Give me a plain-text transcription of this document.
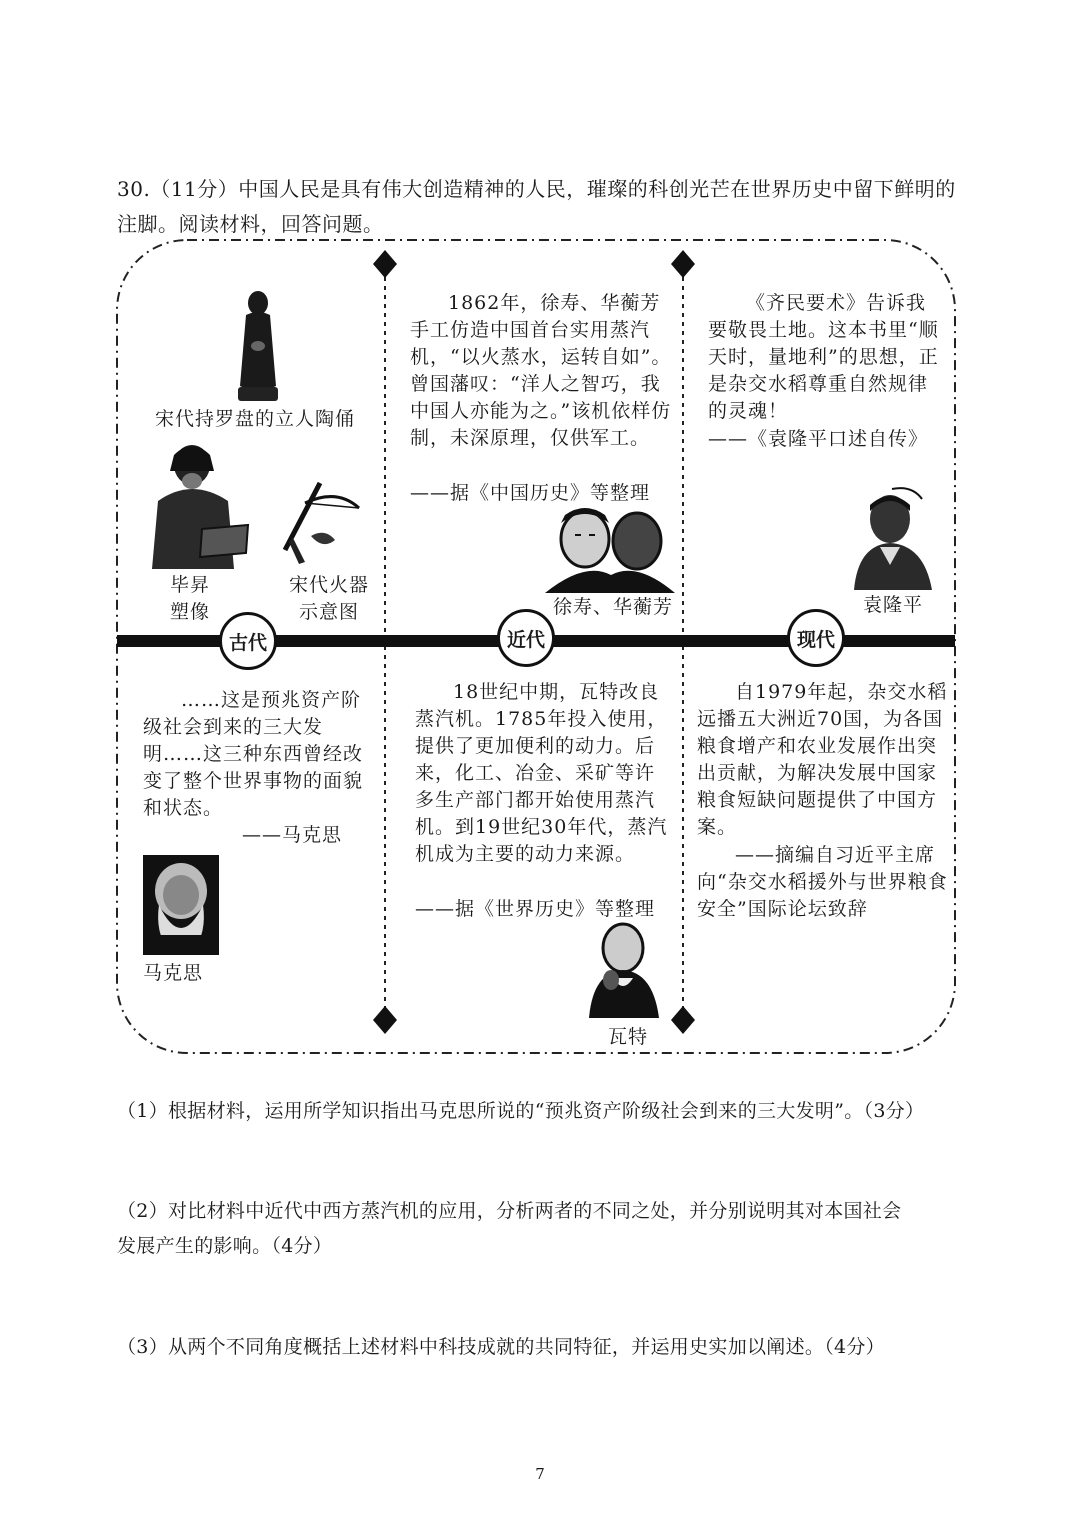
30.（11分）中国人民是具有伟大创造精神的人民，璀璨的科创光芒在世界历史中留下鲜明的
注脚。阅读材料，回答问题。
古代	近代	现代
宋代持罗盘的立人陶俑
毕昇
塑像
宋代火器
示意图
……这是预兆资产阶级社会到来的三大发明……这三种东西曾经改变了整个世界事物的面貌和状态。
——马克思
马克思
1862年，徐寿、华蘅芳手工仿造中国首台实用蒸汽机，“以火蒸水，运转自如”。曾国藩叹：“洋人之智巧，我中国人亦能为之。”该机依样仿制，未深原理，仅供军工。
——据《中国历史》等整理
徐寿、华蘅芳
18世纪中期，瓦特改良蒸汽机。1785年投入使用，提供了更加便利的动力。后来，化工、冶金、采矿等许多生产部门都开始使用蒸汽机。到19世纪30年代，蒸汽机成为主要的动力来源。
——据《世界历史》等整理
瓦特
《齐民要术》告诉我要敬畏土地。这本书里“顺天时，量地利”的思想，正是杂交水稻尊重自然规律的灵魂！
——《袁隆平口述自传》
袁隆平
自1979年起，杂交水稻远播五大洲近70国，为各国粮食增产和农业发展作出突出贡献，为解决发展中国家粮食短缺问题提供了中国方案。
——摘编自习近平主席
向“杂交水稻援外与世界粮食安全”国际论坛致辞
（1）根据材料，运用所学知识指出马克思所说的“预兆资产阶级社会到来的三大发明”。（3分）
（2）对比材料中近代中西方蒸汽机的应用，分析两者的不同之处，并分别说明其对本国社会
发展产生的影响。（4分）
（3）从两个不同角度概括上述材料中科技成就的共同特征，并运用史实加以阐述。（4分）
7
